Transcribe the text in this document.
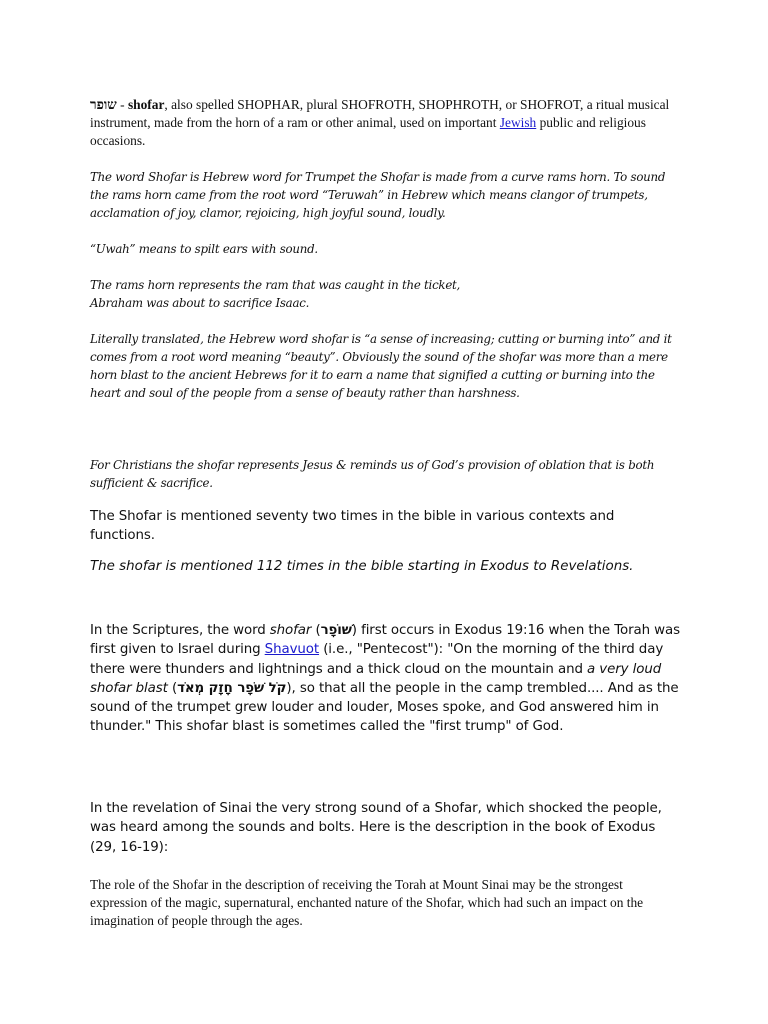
שופר - shofar, also spelled SHOPHAR, plural SHOFROTH, SHOPHROTH, or SHOFROT, a ritual musical instrument, made from the horn of a ram or other animal, used on important Jewish public and religious occasions.

The word Shofar is Hebrew word for Trumpet the Shofar is made from a curve rams horn. To sound the rams horn came from the root word “Teruwah” in Hebrew which means clangor of trumpets, acclamation of joy, clamor, rejoicing, high joyful sound, loudly.

“Uwah” means to spilt ears with sound.

The rams horn represents the ram that was caught in the ticket,
Abraham was about to sacrifice Isaac.

Literally translated, the Hebrew word shofar is “a sense of increasing; cutting or burning into” and it comes from a root word meaning “beauty”. Obviously the sound of the shofar was more than a mere horn blast to the ancient Hebrews for it to earn a name that signified a cutting or burning into the heart and soul of the people from a sense of beauty rather than harshness.

For Christians the shofar represents Jesus & reminds us of God’s provision of oblation that is both sufficient & sacrifice.

The Shofar is mentioned seventy two times in the bible in various contexts and functions.

The shofar is mentioned 112 times in the bible starting in Exodus to Revelations.

In the Scriptures, the word shofar (שׁוֹפָר) first occurs in Exodus 19:16 when the Torah was first given to Israel during Shavuot (i.e., "Pentecost"): "On the morning of the third day there were thunders and lightnings and a thick cloud on the mountain and a very loud shofar blast (קֹל שֹׁפָר חָזָק מְאֹד), so that all the people in the camp trembled.... And as the sound of the trumpet grew louder and louder, Moses spoke, and God answered him in thunder." This shofar blast is sometimes called the "first trump" of God.

In the revelation of Sinai the very strong sound of a Shofar, which shocked the people, was heard among the sounds and bolts. Here is the description in the book of Exodus (29, 16-19):

The role of the Shofar in the description of receiving the Torah at Mount Sinai may be the strongest expression of the magic, supernatural, enchanted nature of the Shofar, which had such an impact on the imagination of people through the ages.
